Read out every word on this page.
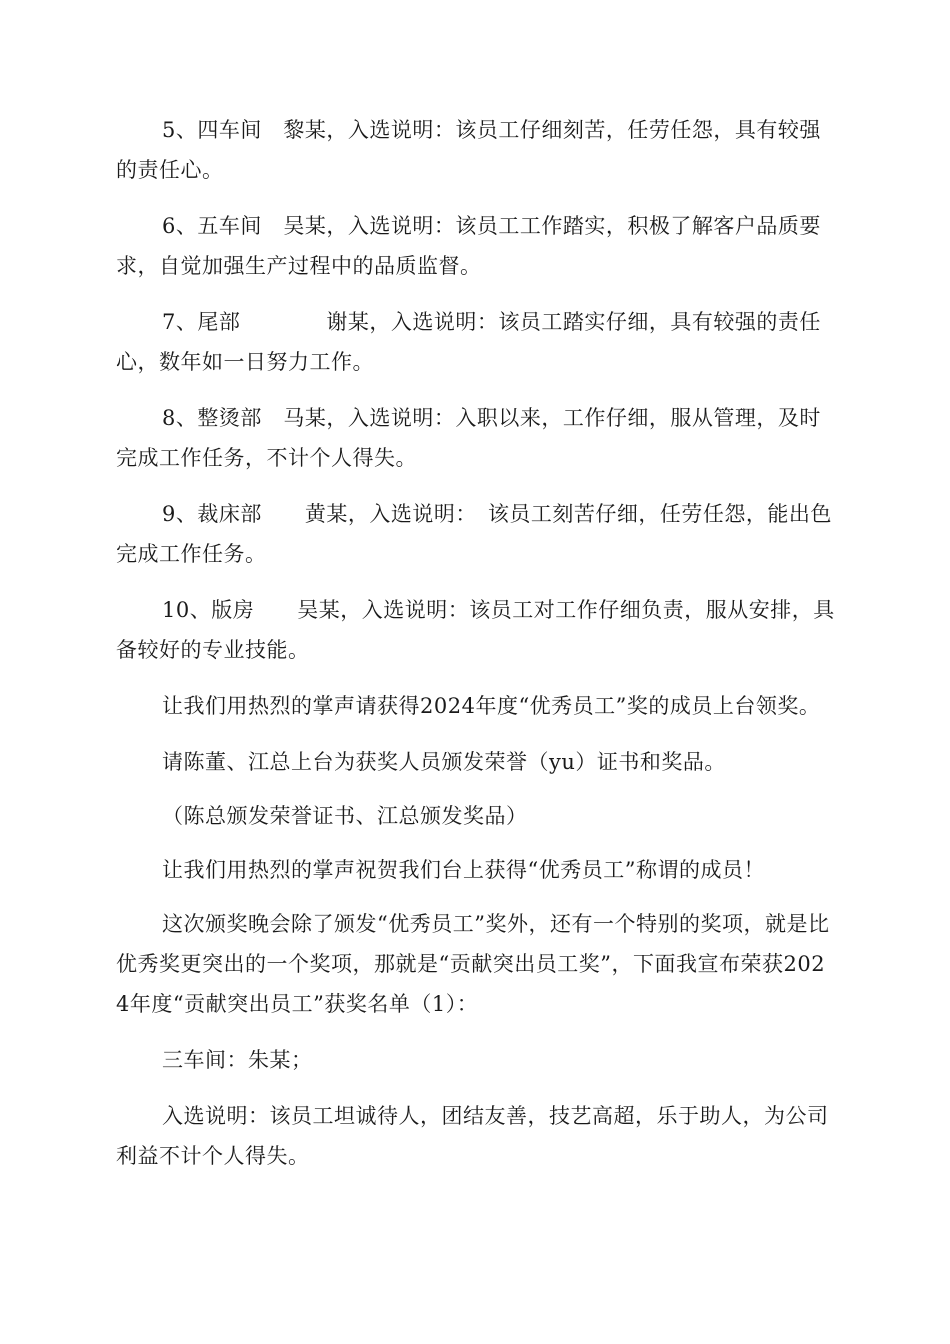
5、四车间　黎某，入选说明：该员工仔细刻苦，任劳任怨，具有较强的责任心。

6、五车间　吴某，入选说明：该员工工作踏实，积极了解客户品质要求，自觉加强生产过程中的品质监督。

7、尾部　　　　谢某，入选说明：该员工踏实仔细，具有较强的责任心，数年如一日努力工作。

8、整烫部　马某，入选说明：入职以来，工作仔细，服从管理，及时完成工作任务，不计个人得失。

9、裁床部　　黄某，入选说明：　该员工刻苦仔细，任劳任怨，能出色完成工作任务。

10、版房　　吴某，入选说明：该员工对工作仔细负责，服从安排，具备较好的专业技能。

让我们用热烈的掌声请获得2024年度“优秀员工”奖的成员上台领奖。

请陈董、江总上台为获奖人员颁发荣誉（yu）证书和奖品。

（陈总颁发荣誉证书、江总颁发奖品）

让我们用热烈的掌声祝贺我们台上获得“优秀员工”称谓的成员！

这次颁奖晚会除了颁发“优秀员工”奖外，还有一个特别的奖项，就是比优秀奖更突出的一个奖项，那就是“贡献突出员工奖”，下面我宣布荣获2024年度“贡献突出员工”获奖名单（1）：

三车间：朱某；

入选说明：该员工坦诚待人，团结友善，技艺高超，乐于助人，为公司利益不计个人得失。
